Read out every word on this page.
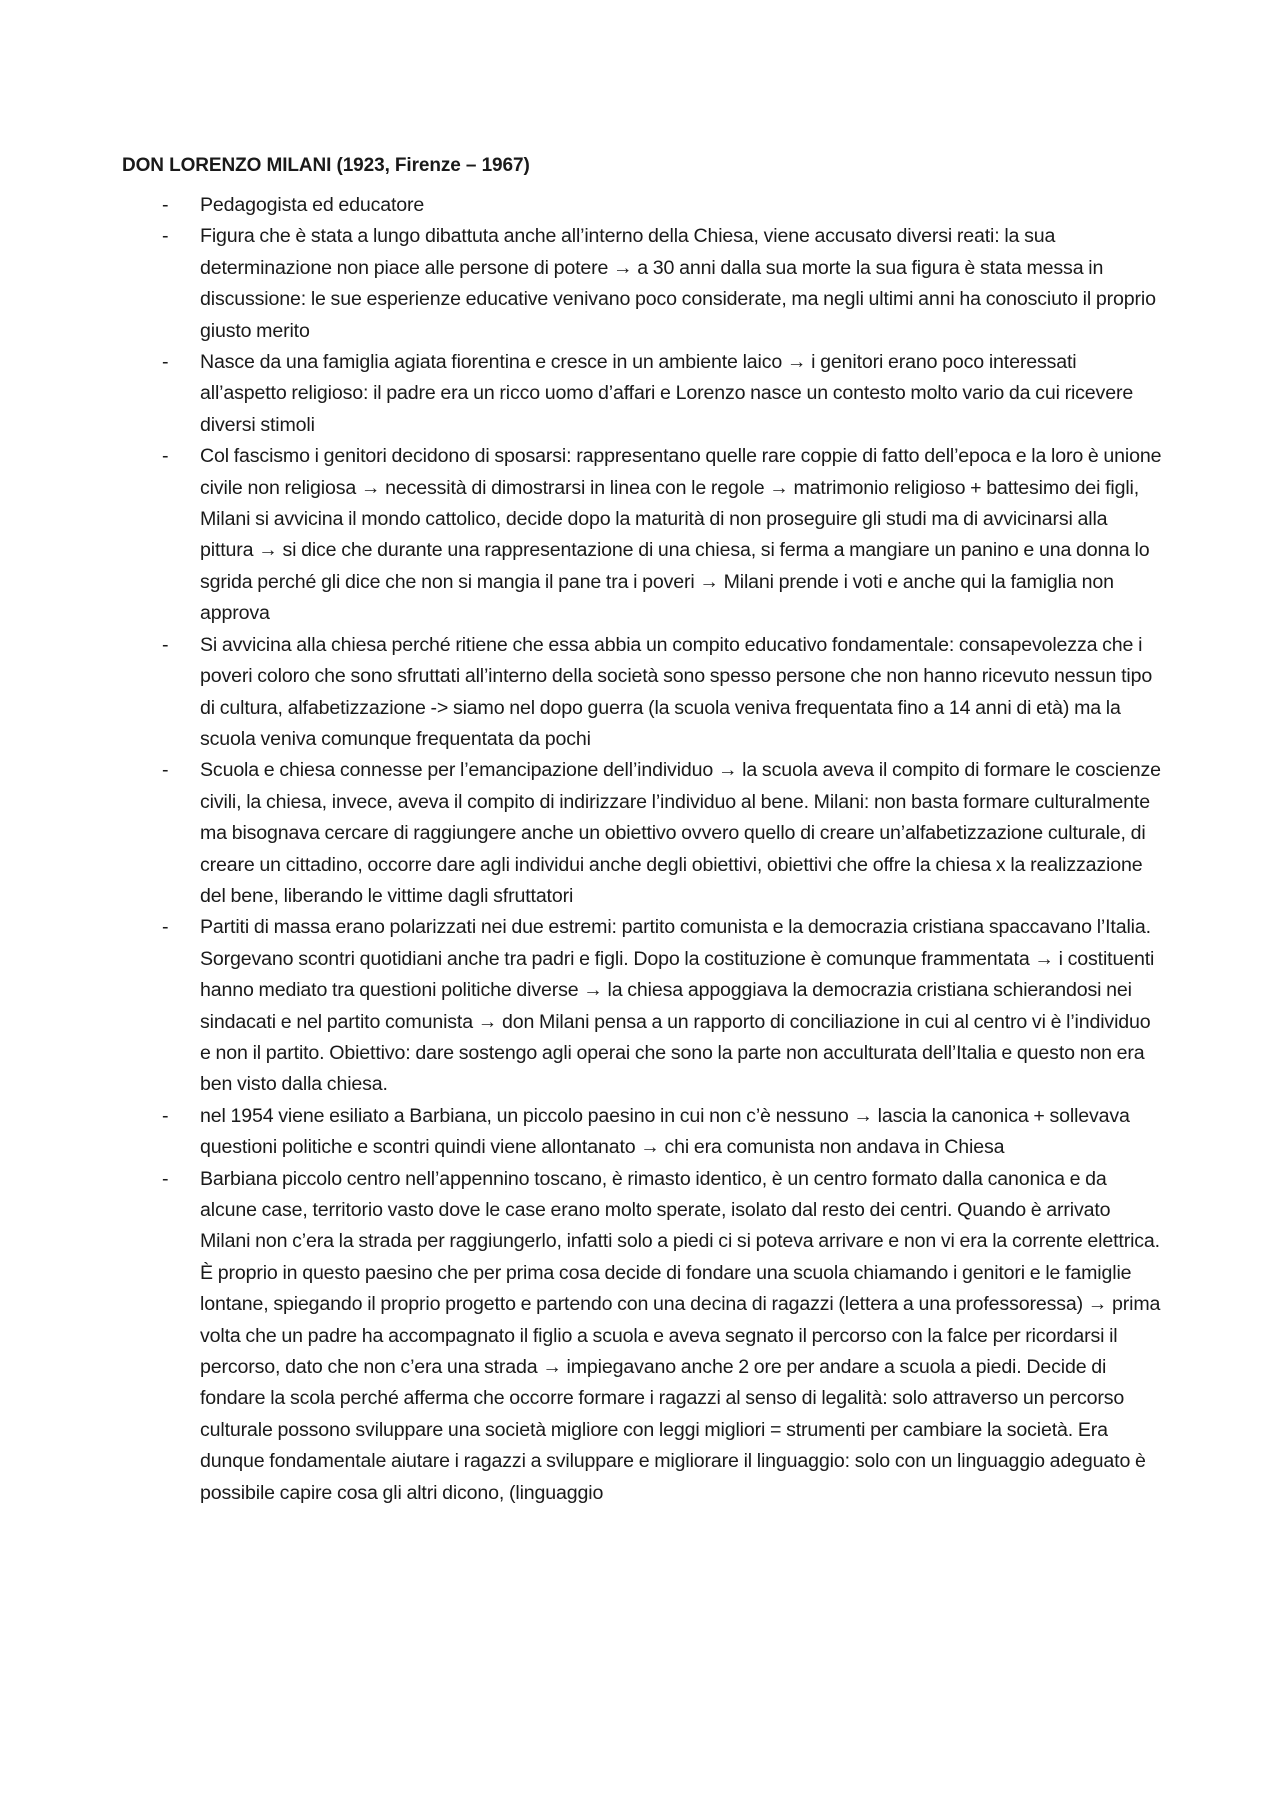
DON LORENZO MILANI (1923, Firenze – 1967)
- Pedagogista ed educatore
- Figura che è stata a lungo dibattuta anche all’interno della Chiesa, viene accusato diversi reati: la sua determinazione non piace alle persone di potere → a 30 anni dalla sua morte la sua figura è stata messa in discussione: le sue esperienze educative venivano poco considerate, ma negli ultimi anni ha conosciuto il proprio giusto merito
- Nasce da una famiglia agiata fiorentina e cresce in un ambiente laico → i genitori erano poco interessati all’aspetto religioso: il padre era un ricco uomo d’affari e Lorenzo nasce un contesto molto vario da cui ricevere diversi stimoli
- Col fascismo i genitori decidono di sposarsi: rappresentano quelle rare coppie di fatto dell’epoca e la loro è unione civile non religiosa → necessità di dimostrarsi in linea con le regole → matrimonio religioso + battesimo dei figli, Milani si avvicina il mondo cattolico, decide dopo la maturità di non proseguire gli studi ma di avvicinarsi alla pittura → si dice che durante una rappresentazione di una chiesa, si ferma a mangiare un panino e una donna lo sgrida perché gli dice che non si mangia il pane tra i poveri → Milani prende i voti e anche qui la famiglia non approva
- Si avvicina alla chiesa perché ritiene che essa abbia un compito educativo fondamentale: consapevolezza che i poveri coloro che sono sfruttati all’interno della società sono spesso persone che non hanno ricevuto nessun tipo di cultura, alfabetizzazione -> siamo nel dopo guerra (la scuola veniva frequentata fino a 14 anni di età) ma la scuola veniva comunque frequentata da pochi
- Scuola e chiesa connesse per l’emancipazione dell’individuo → la scuola aveva il compito di formare le coscienze civili, la chiesa, invece, aveva il compito di indirizzare l’individuo al bene. Milani: non basta formare culturalmente ma bisognava cercare di raggiungere anche un obiettivo ovvero quello di creare un’alfabetizzazione culturale, di creare un cittadino, occorre dare agli individui anche degli obiettivi, obiettivi che offre la chiesa x la realizzazione del bene, liberando le vittime dagli sfruttatori
- Partiti di massa erano polarizzati nei due estremi: partito comunista e la democrazia cristiana spaccavano l’Italia. Sorgevano scontri quotidiani anche tra padri e figli. Dopo la costituzione è comunque frammentata → i costituenti hanno mediato tra questioni politiche diverse → la chiesa appoggiava la democrazia cristiana schierandosi nei sindacati e nel partito comunista → don Milani pensa a un rapporto di conciliazione in cui al centro vi è l’individuo e non il partito. Obiettivo: dare sostengo agli operai che sono la parte non acculturata dell’Italia e questo non era ben visto dalla chiesa.
- nel 1954 viene esiliato a Barbiana, un piccolo paesino in cui non c’è nessuno → lascia la canonica + sollevava questioni politiche e scontri quindi viene allontanato → chi era comunista non andava in Chiesa
- Barbiana piccolo centro nell’appennino toscano, è rimasto identico, è un centro formato dalla canonica e da alcune case, territorio vasto dove le case erano molto sperate, isolato dal resto dei centri. Quando è arrivato Milani non c’era la strada per raggiungerlo, infatti solo a piedi ci si poteva arrivare e non vi era la corrente elettrica. È proprio in questo paesino che per prima cosa decide di fondare una scuola chiamando i genitori e le famiglie lontane, spiegando il proprio progetto e partendo con una decina di ragazzi (lettera a una professoressa) → prima volta che un padre ha accompagnato il figlio a scuola e aveva segnato il percorso con la falce per ricordarsi il percorso, dato che non c’era una strada → impiegavano anche 2 ore per andare a scuola a piedi. Decide di fondare la scola perché afferma che occorre formare i ragazzi al senso di legalità: solo attraverso un percorso culturale possono sviluppare una società migliore con leggi migliori = strumenti per cambiare la società. Era dunque fondamentale aiutare i ragazzi a sviluppare e migliorare il linguaggio: solo con un linguaggio adeguato è possibile capire cosa gli altri dicono, (linguaggio
